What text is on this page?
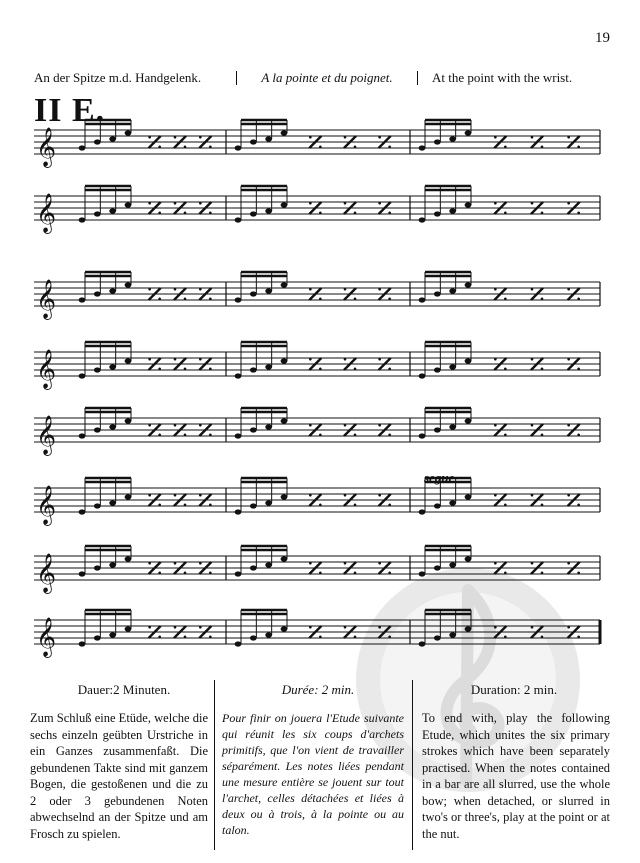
19
An der Spitze m.d. Handgelenk.	A la pointe et du poignet.	At the point with the wrist.
II E.
𝄞
𝄞
𝄞
𝄞
𝄞
𝄞
𝄞
𝄞
segue
Dauer:2 Minuten.	Durée: 2 min.	Duration: 2 min.
Zum Schluß eine Etüde, welche die sechs einzeln geübten Urstriche in ein Ganzes zusammenfaßt. Die gebundenen Takte sind mit ganzem Bogen, die gestoßenen und die zu 2 oder 3 gebundenen Noten abwechselnd an der Spitze und am Frosch zu spielen.
Pour finir on jouera l'Etude suivante qui réunit les six coups d'archets primitifs, que l'on vient de travailler séparément. Les notes liées pendant une mesure entière se jouent sur tout l'archet, celles détachées et liées à deux ou à trois, à la pointe ou au talon.
To end with, play the following Etude, which unites the six primary strokes which have been separately practised. When the notes contained in a bar are all slurred, use the whole bow; when detached, or slurred in two's or three's, play at the point or at the nut.
